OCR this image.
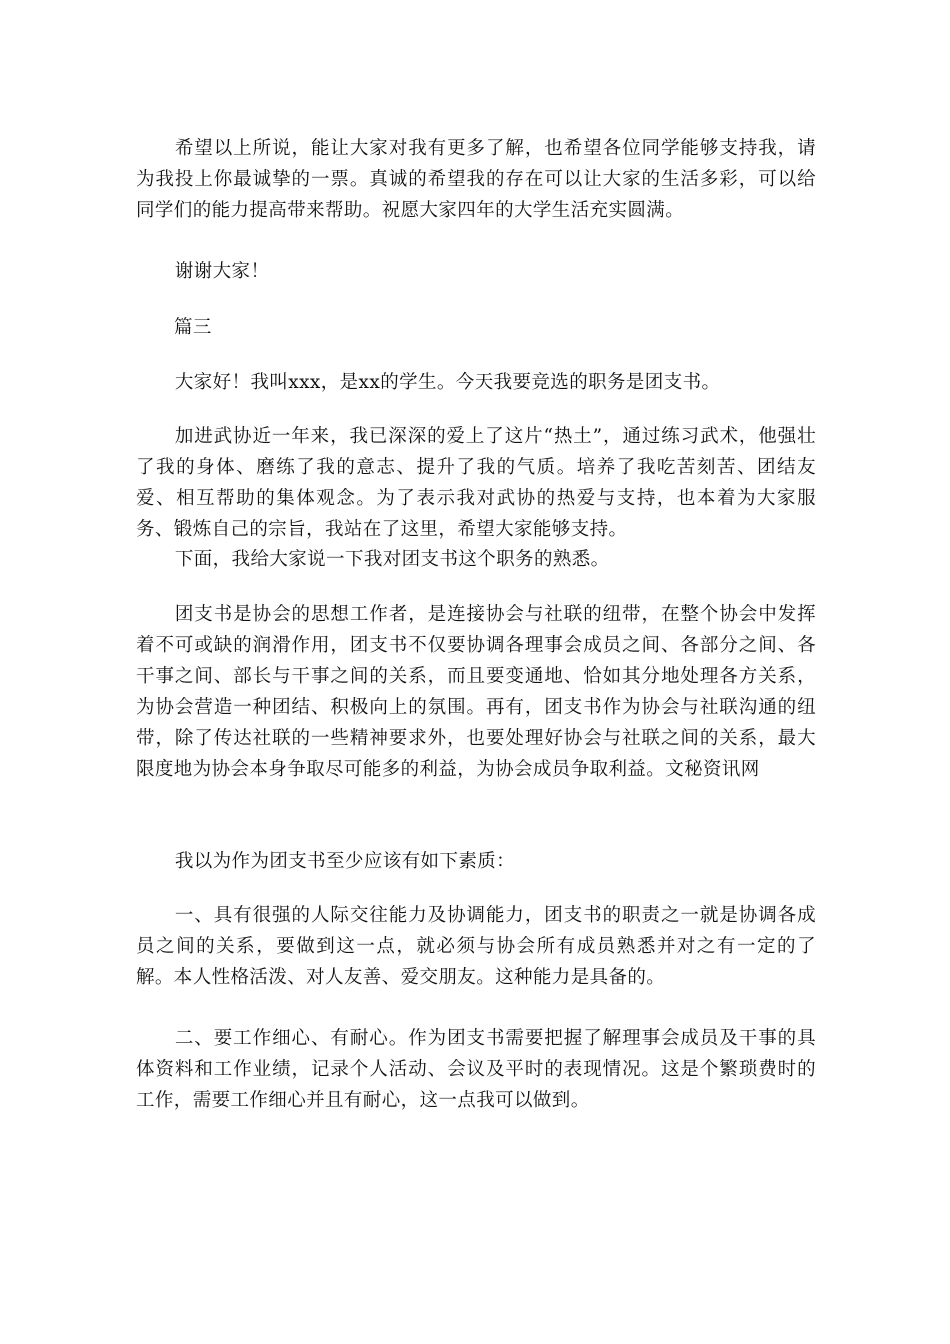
希望以上所说，能让大家对我有更多了解，也希望各位同学能够支持我，请为我投上你最诚挚的一票。真诚的希望我的存在可以让大家的生活多彩，可以给同学们的能力提高带来帮助。祝愿大家四年的大学生活充实圆满。

谢谢大家！

篇三

大家好！我叫xxx，是xx的学生。今天我要竞选的职务是团支书。

加进武协近一年来，我已深深的爱上了这片“热土”，通过练习武术，他强壮了我的身体、磨练了我的意志、提升了我的气质。培养了我吃苦刻苦、团结友爱、相互帮助的集体观念。为了表示我对武协的热爱与支持，也本着为大家服务、锻炼自己的宗旨，我站在了这里，希望大家能够支持。

下面，我给大家说一下我对团支书这个职务的熟悉。

团支书是协会的思想工作者，是连接协会与社联的纽带，在整个协会中发挥着不可或缺的润滑作用，团支书不仅要协调各理事会成员之间、各部分之间、各干事之间、部长与干事之间的关系，而且要变通地、恰如其分地处理各方关系，为协会营造一种团结、积极向上的氛围。再有，团支书作为协会与社联沟通的纽带，除了传达社联的一些精神要求外，也要处理好协会与社联之间的关系，最大限度地为协会本身争取尽可能多的利益，为协会成员争取利益。文秘资讯网

我以为作为团支书至少应该有如下素质：

一、具有很强的人际交往能力及协调能力，团支书的职责之一就是协调各成员之间的关系，要做到这一点，就必须与协会所有成员熟悉并对之有一定的了解。本人性格活泼、对人友善、爱交朋友。这种能力是具备的。

二、要工作细心、有耐心。作为团支书需要把握了解理事会成员及干事的具体资料和工作业绩，记录个人活动、会议及平时的表现情况。这是个繁琐费时的工作，需要工作细心并且有耐心，这一点我可以做到。
